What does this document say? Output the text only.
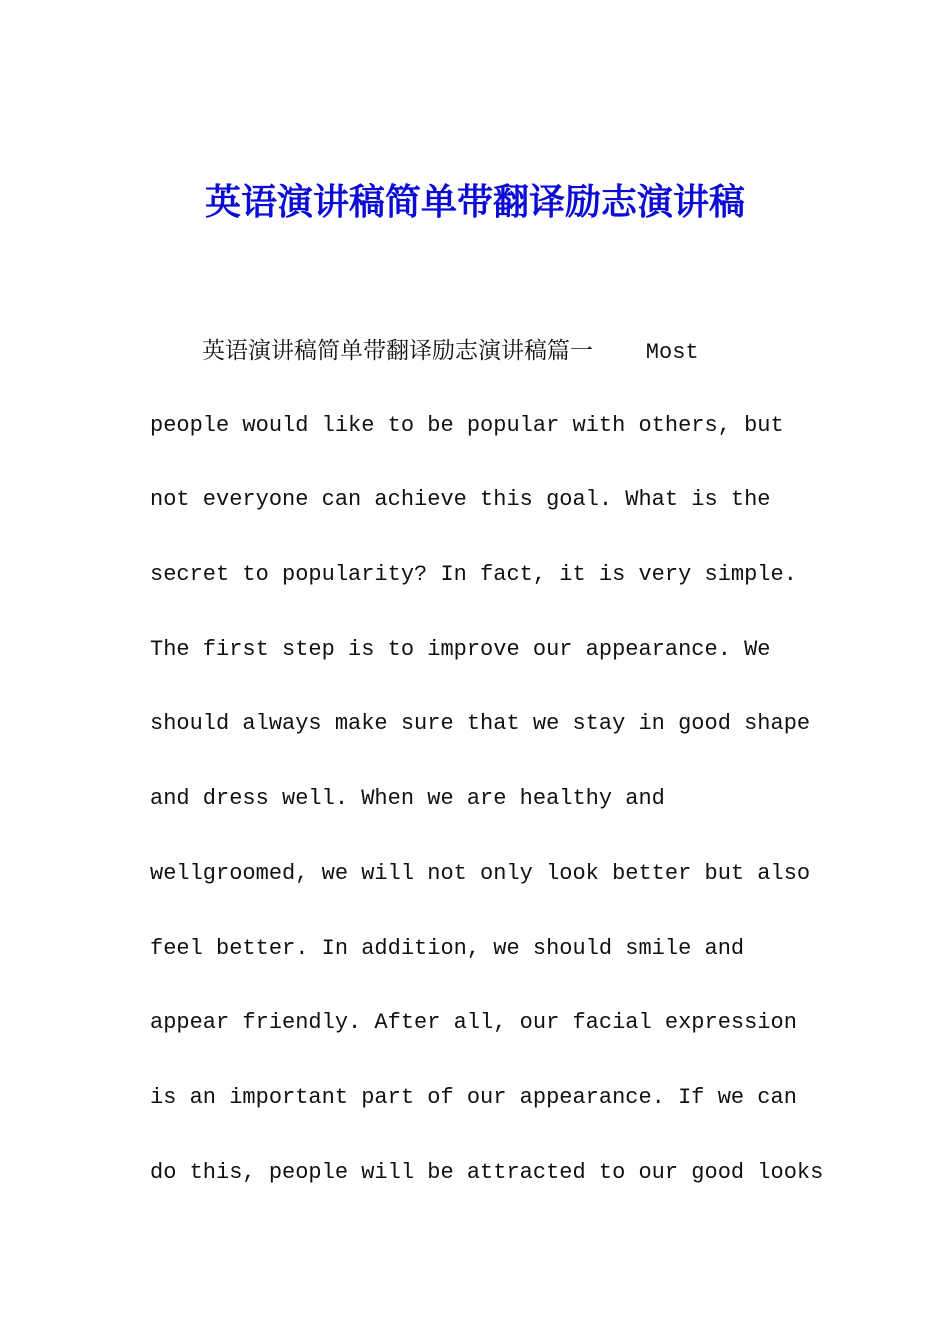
英语演讲稿简单带翻译励志演讲稿
英语演讲稿简单带翻译励志演讲稿篇一    Most
people would like to be popular with others, but
not everyone can achieve this goal. What is the
secret to popularity? In fact, it is very simple.
The first step is to improve our appearance. We
should always make sure that we stay in good shape
and dress well. When we are healthy and
wellgroomed, we will not only look better but also
feel better. In addition, we should smile and
appear friendly. After all, our facial expression
is an important part of our appearance. If we can
do this, people will be attracted to our good looks
